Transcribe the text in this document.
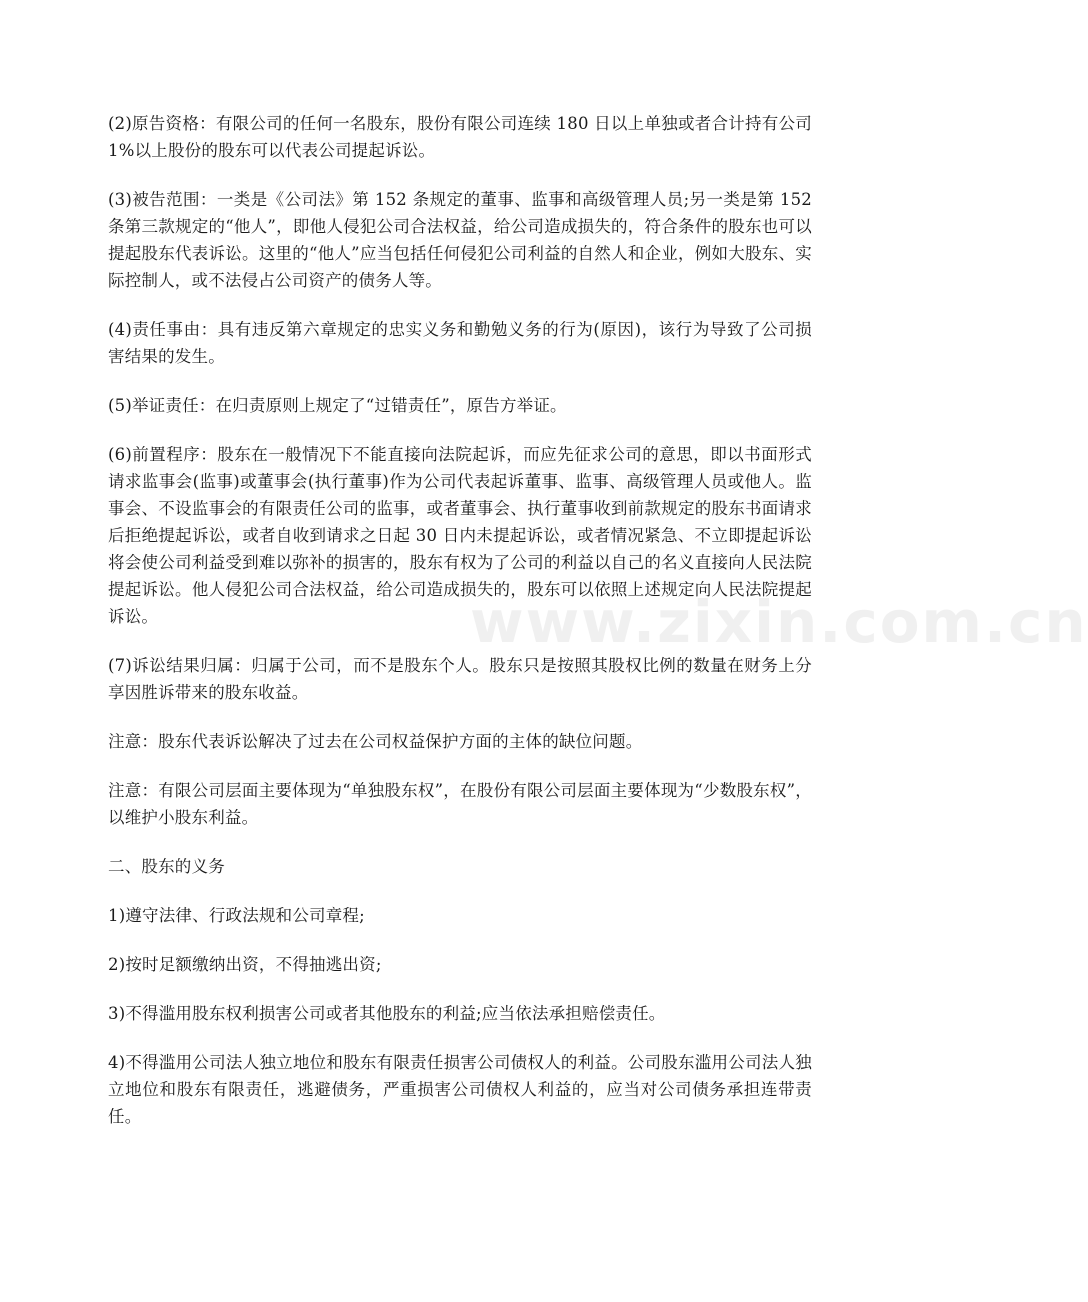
(2)原告资格：有限公司的任何一名股东，股份有限公司连续 180 日以上单独或者合计持有公司 1%以上股份的股东可以代表公司提起诉讼。

(3)被告范围：一类是《公司法》第 152 条规定的董事、监事和高级管理人员;另一类是第 152 条第三款规定的“他人”，即他人侵犯公司合法权益，给公司造成损失的，符合条件的股东也可以提起股东代表诉讼。这里的“他人”应当包括任何侵犯公司利益的自然人和企业，例如大股东、实际控制人，或不法侵占公司资产的债务人等。

(4)责任事由：具有违反第六章规定的忠实义务和勤勉义务的行为(原因)，该行为导致了公司损害结果的发生。

(5)举证责任：在归责原则上规定了“过错责任”，原告方举证。

(6)前置程序：股东在一般情况下不能直接向法院起诉，而应先征求公司的意思，即以书面形式请求监事会(监事)或董事会(执行董事)作为公司代表起诉董事、监事、高级管理人员或他人。监事会、不设监事会的有限责任公司的监事，或者董事会、执行董事收到前款规定的股东书面请求后拒绝提起诉讼，或者自收到请求之日起 30 日内未提起诉讼，或者情况紧急、不立即提起诉讼将会使公司利益受到难以弥补的损害的，股东有权为了公司的利益以自己的名义直接向人民法院提起诉讼。他人侵犯公司合法权益，给公司造成损失的，股东可以依照上述规定向人民法院提起诉讼。

(7)诉讼结果归属：归属于公司，而不是股东个人。股东只是按照其股权比例的数量在财务上分享因胜诉带来的股东收益。

注意：股东代表诉讼解决了过去在公司权益保护方面的主体的缺位问题。

注意：有限公司层面主要体现为“单独股东权”，在股份有限公司层面主要体现为“少数股东权”，以维护小股东利益。

二、股东的义务

1)遵守法律、行政法规和公司章程;

2)按时足额缴纳出资，不得抽逃出资;

3)不得滥用股东权利损害公司或者其他股东的利益;应当依法承担赔偿责任。

4)不得滥用公司法人独立地位和股东有限责任损害公司债权人的利益。公司股东滥用公司法人独立地位和股东有限责任，逃避债务，严重损害公司债权人利益的，应当对公司债务承担连带责任。

www.zixin.com.cn
